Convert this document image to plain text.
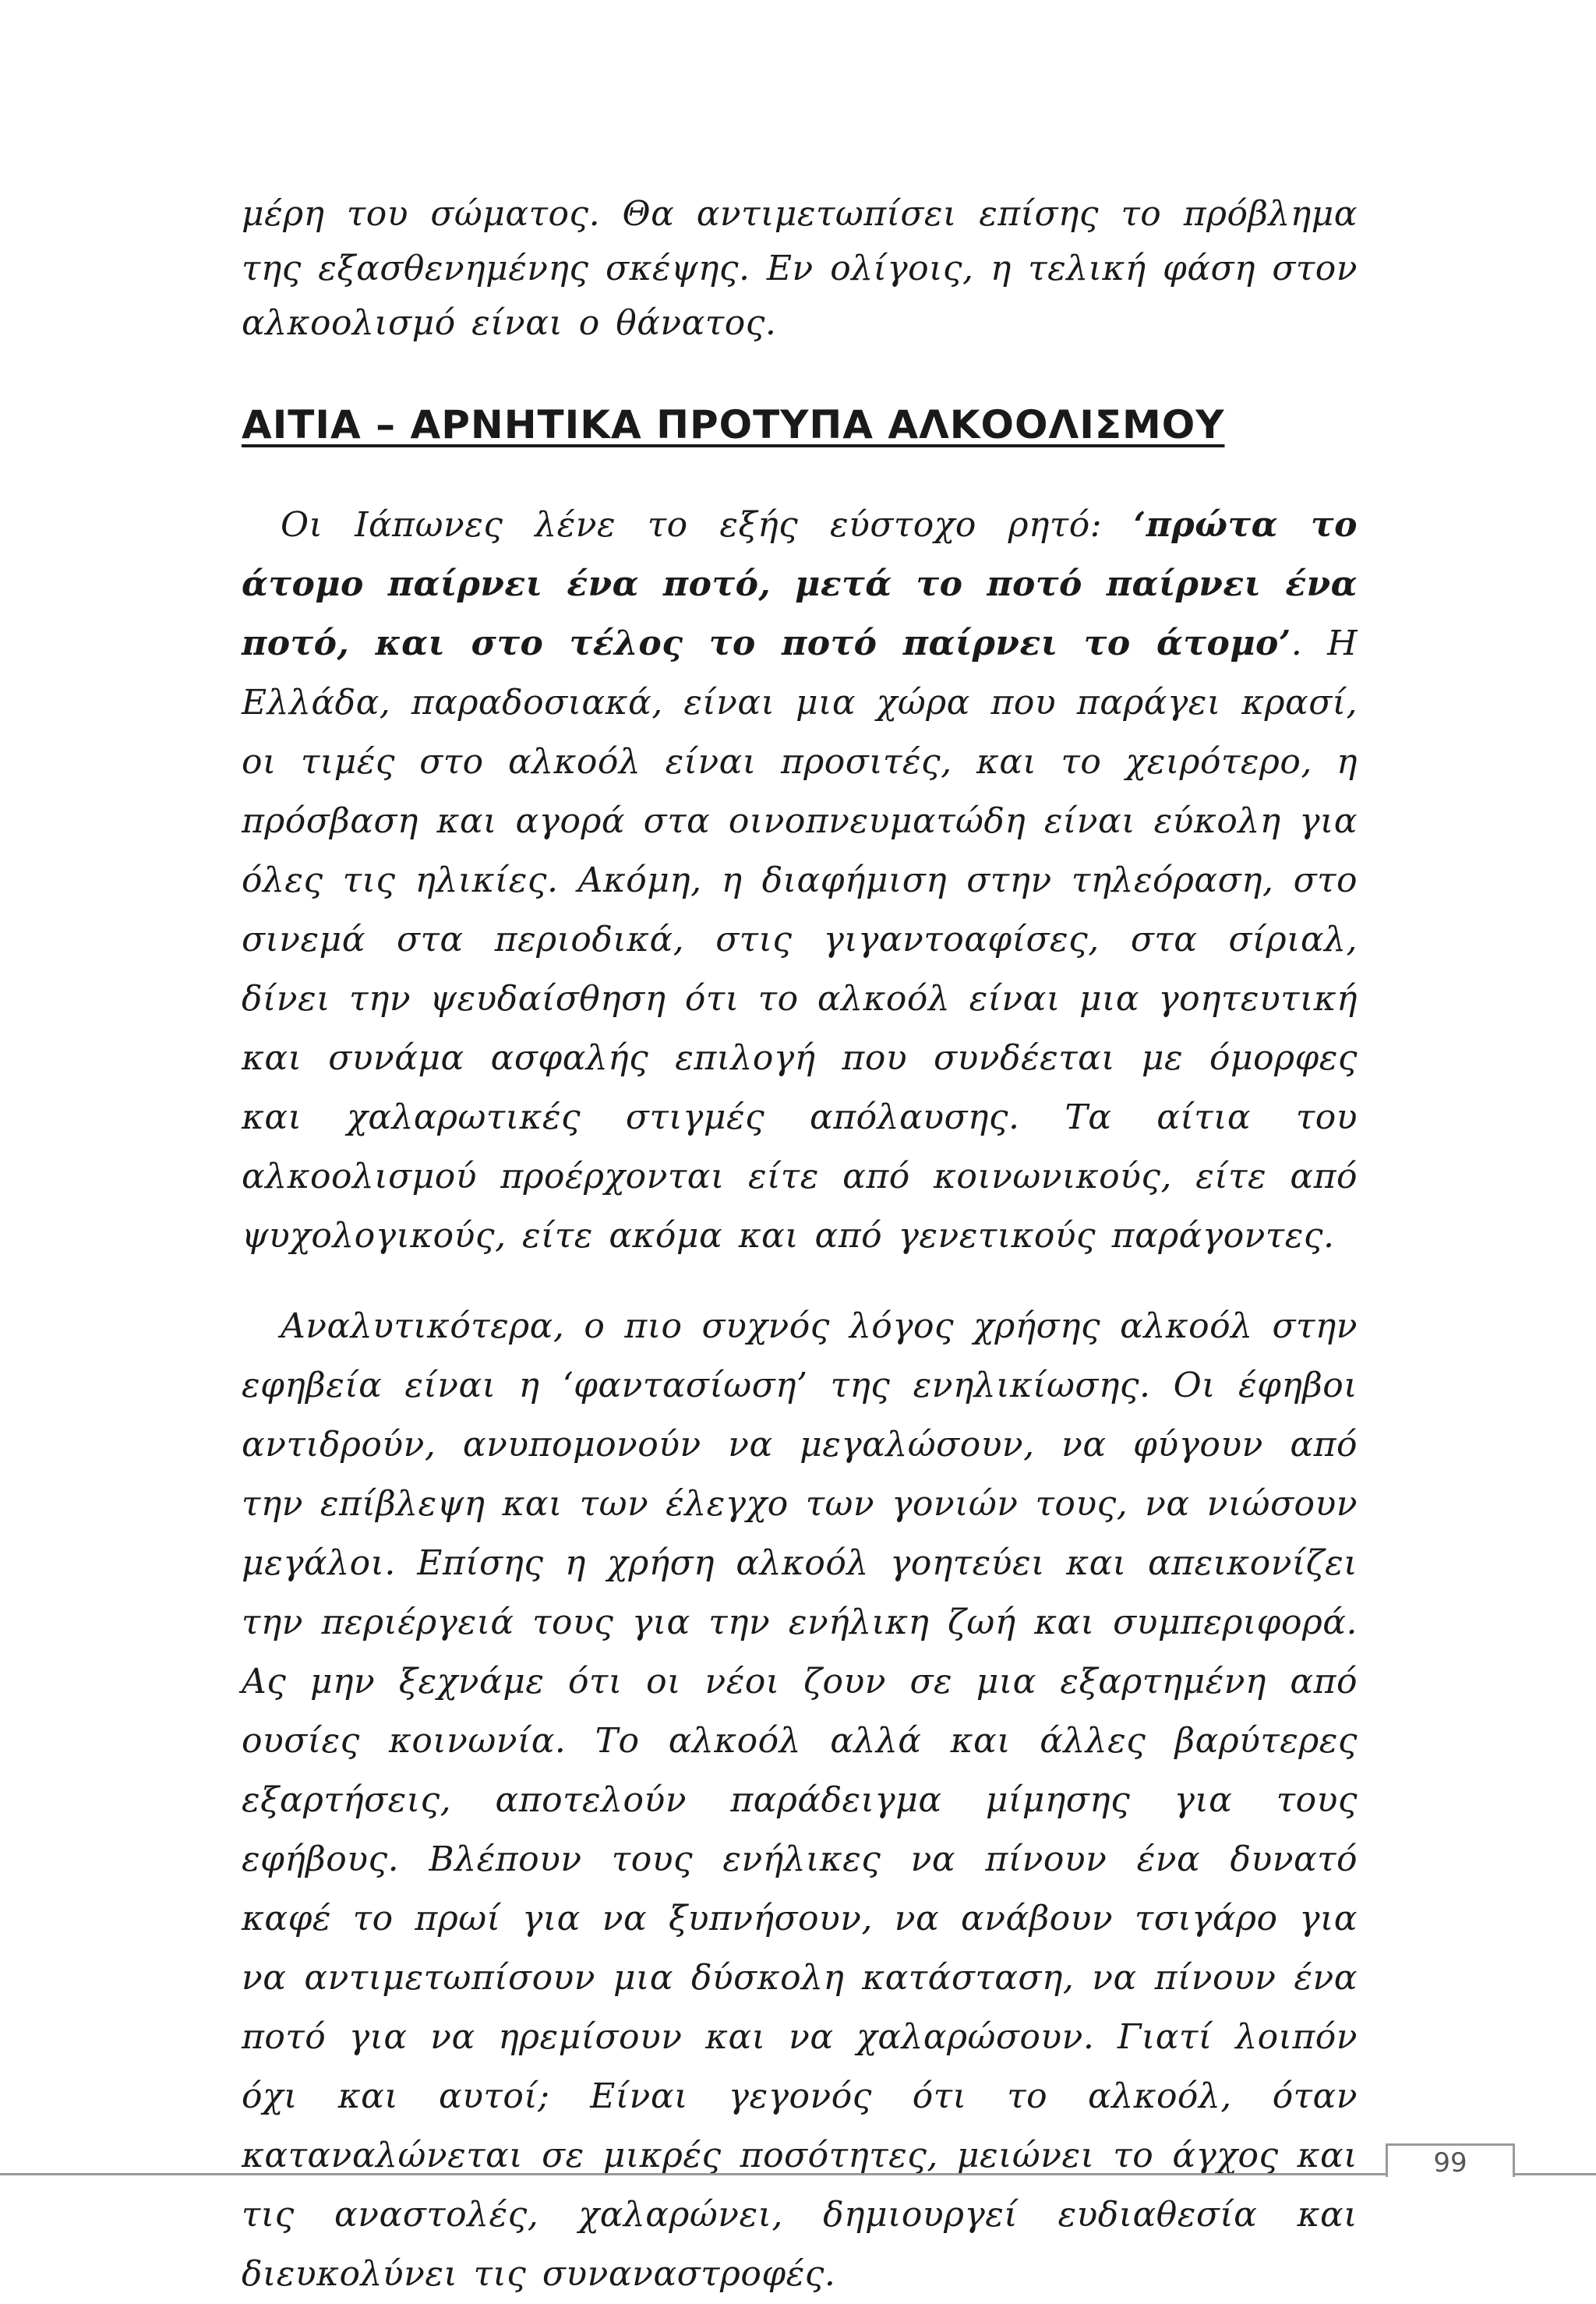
μέρη του σώματος. Θα αντιμετωπίσει επίσης το πρόβλημα της εξασθενημένης σκέψης. Εν ολίγοις, η τελική φάση στον αλκοολισμό είναι ο θάνατος.

ΑΙΤΙΑ – ΑΡΝΗΤΙΚΑ ΠΡΟΤΥΠΑ ΑΛΚΟΟΛΙΣΜΟΥ

Οι Ιάπωνες λένε το εξής εύστοχο ρητό: ‘πρώτα το άτομο παίρνει ένα ποτό, μετά το ποτό παίρνει ένα ποτό, και στο τέλος το ποτό παίρνει το άτομο’. Η Ελλάδα, παραδοσιακά, είναι μια χώρα που παράγει κρασί, οι τιμές στο αλκοόλ είναι προσιτές, και το χειρότερο, η πρόσβαση και αγορά στα οινοπνευματώδη είναι εύκολη για όλες τις ηλικίες. Ακόμη, η διαφήμιση στην τηλεόραση, στο σινεμά στα περιοδικά, στις γιγαντοαφίσες, στα σίριαλ, δίνει την ψευδαίσθηση ότι το αλκοόλ είναι μια γοητευτική και συνάμα ασφαλής επιλογή που συνδέεται με όμορφες και χαλαρωτικές στιγμές απόλαυσης. Τα αίτια του αλκοολισμού προέρχονται είτε από κοινωνικούς, είτε από ψυχολογικούς, είτε ακόμα και από γενετικούς παράγοντες.

Αναλυτικότερα, ο πιο συχνός λόγος χρήσης αλκοόλ στην εφηβεία είναι η ‘φαντασίωση’ της ενηλικίωσης. Οι έφηβοι αντιδρούν, ανυπομονούν να μεγαλώσουν, να φύγουν από την επίβλεψη και των έλεγχο των γονιών τους, να νιώσουν μεγάλοι. Επίσης η χρήση αλκοόλ γοητεύει και απεικονίζει την περιέργειά τους για την ενήλικη ζωή και συμπεριφορά. Ας μην ξεχνάμε ότι οι νέοι ζουν σε μια εξαρτημένη από ουσίες κοινωνία. Το αλκοόλ αλλά και άλλες βαρύτερες εξαρτήσεις, αποτελούν παράδειγμα μίμησης για τους εφήβους. Βλέπουν τους ενήλικες να πίνουν ένα δυνατό καφέ το πρωί για να ξυπνήσουν, να ανάβουν τσιγάρο για να αντιμετωπίσουν μια δύσκολη κατάσταση, να πίνουν ένα ποτό για να ηρεμίσουν και να χαλαρώσουν. Γιατί λοιπόν όχι και αυτοί; Είναι γεγονός ότι το αλκοόλ, όταν καταναλώνεται σε μικρές ποσότητες, μειώνει το άγχος και τις αναστολές, χαλαρώνει, δημιουργεί ευδιαθεσία και διευκολύνει τις συναναστροφές.

99
